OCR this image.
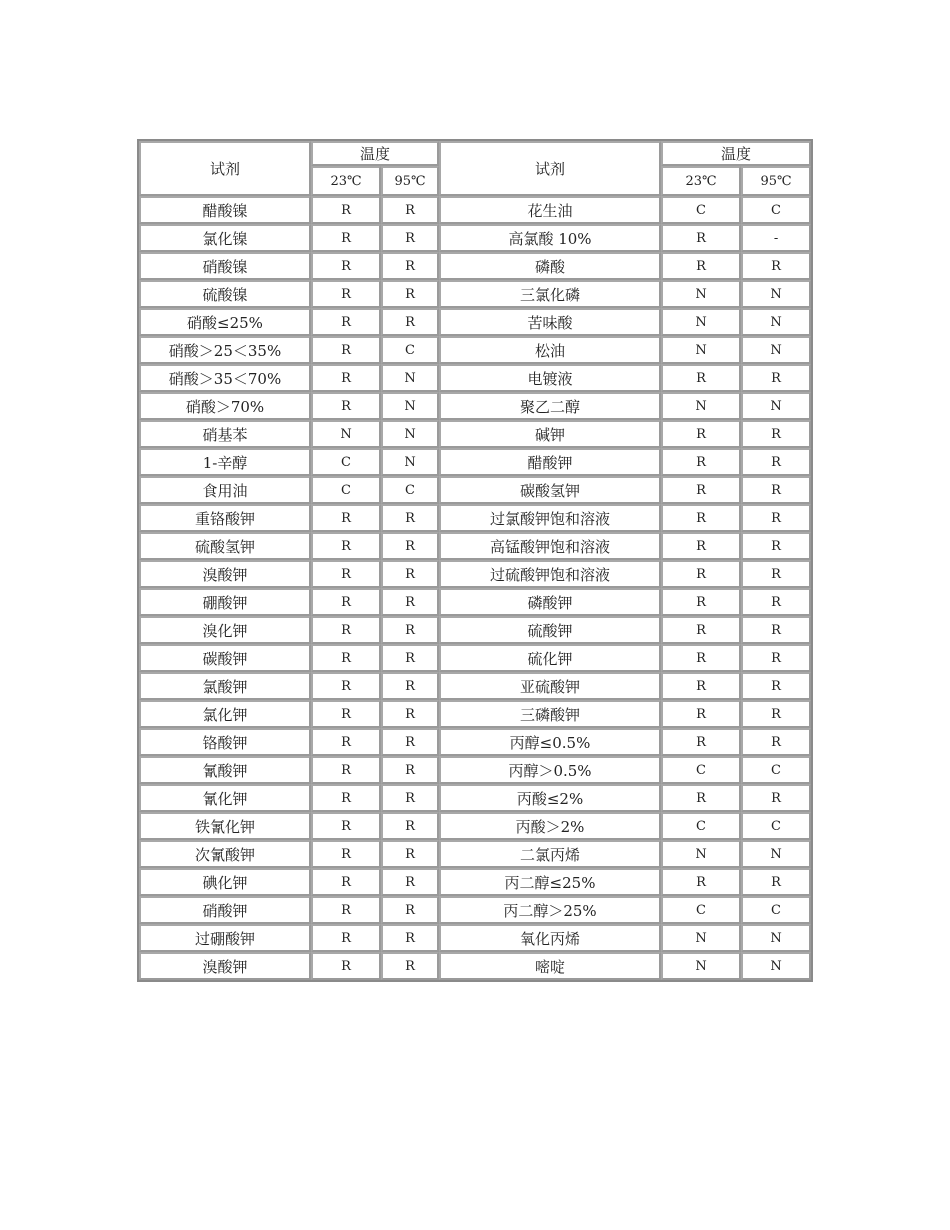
试剂	温度		试剂	温度	
	23℃	95℃		23℃	95℃
醋酸镍	R	R	花生油	C	C
氯化镍	R	R	高氯酸 10%	R	-
硝酸镍	R	R	磷酸	R	R
硫酸镍	R	R	三氯化磷	N	N
硝酸≤25%	R	R	苦味酸	N	N
硝酸＞25＜35%	R	C	松油	N	N
硝酸＞35＜70%	R	N	电镀液	R	R
硝酸＞70%	R	N	聚乙二醇	N	N
硝基苯	N	N	碱钾	R	R
1-辛醇	C	N	醋酸钾	R	R
食用油	C	C	碳酸氢钾	R	R
重铬酸钾	R	R	过氯酸钾饱和溶液	R	R
硫酸氢钾	R	R	高锰酸钾饱和溶液	R	R
溴酸钾	R	R	过硫酸钾饱和溶液	R	R
硼酸钾	R	R	磷酸钾	R	R
溴化钾	R	R	硫酸钾	R	R
碳酸钾	R	R	硫化钾	R	R
氯酸钾	R	R	亚硫酸钾	R	R
氯化钾	R	R	三磷酸钾	R	R
铬酸钾	R	R	丙醇≤0.5%	R	R
氰酸钾	R	R	丙醇＞0.5%	C	C
氰化钾	R	R	丙酸≤2%	R	R
铁氰化钾	R	R	丙酸＞2%	C	C
次氰酸钾	R	R	二氯丙烯	N	N
碘化钾	R	R	丙二醇≤25%	R	R
硝酸钾	R	R	丙二醇＞25%	C	C
过硼酸钾	R	R	氧化丙烯	N	N
溴酸钾	R	R	嘧啶	N	N
